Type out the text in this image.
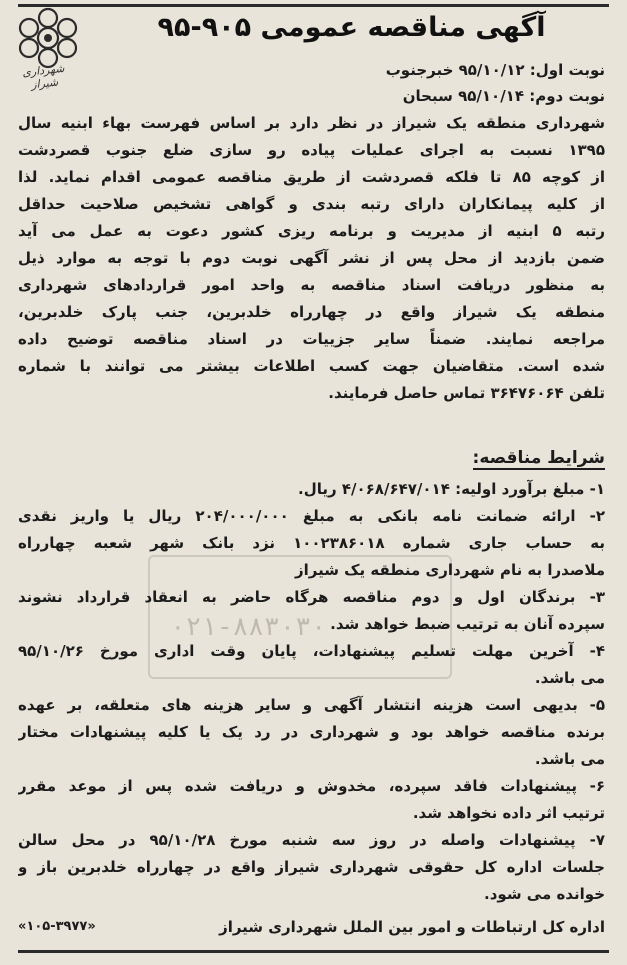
شهرداری شیراز
آگهی مناقصه عمومی ۹۰۵-۹۵
نوبت اول: ۹۵/۱۰/۱۲ خبرجنوب
نوبت دوم: ۹۵/۱۰/۱۴ سبحان
شهرداری منطقه یک شیراز در نظر دارد بر اساس فهرست بهاء ابنیه سال
۱۳۹۵ نسبت به اجرای عملیات پیاده رو سازی ضلع جنوب قصردشت
از کوچه ۸۵ تا فلکه قصردشت از طریق مناقصه عمومی اقدام نماید. لذا
از کلیه پیمانکاران دارای رتبه بندی و گواهی تشخیص صلاحیت حداقل
رتبه ۵ ابنیه از مدیریت و برنامه ریزی کشور دعوت به عمل می آید
ضمن بازدید از محل پس از نشر آگهی نوبت دوم با توجه به موارد ذیل
به منظور دریافت اسناد مناقصه به واحد امور قراردادهای شهرداری
منطقه یک شیراز واقع در چهارراه خلدبرین، جنب پارک خلدبرین،
مراجعه نمایند. ضمناً سایر جزییات در اسناد مناقصه توضیح داده
شده است. متقاضیان جهت کسب اطلاعات بیشتر می توانند با شماره
تلفن ۳۶۴۷۶۰۶۴ تماس حاصل فرمایند.
شرایط مناقصه:
۰۲۱-۸۸۳۰۳۰
۱- مبلغ برآورد اولیه: ۴/۰۶۸/۶۴۷/۰۱۴ ریال.
۲- ارائه ضمانت نامه بانکی به مبلغ ۲۰۴/۰۰۰/۰۰۰ ریال یا واریز نقدی
به حساب جاری شماره ۱۰۰۲۳۸۶۰۱۸ نزد بانک شهر شعبه چهارراه
ملاصدرا به نام شهرداری منطقه یک شیراز
۳- برندگان اول و دوم مناقصه هرگاه حاضر به انعقاد قرارداد نشوند
سپرده آنان به ترتیب ضبط خواهد شد.
۴- آخرین مهلت تسلیم پیشنهادات، پایان وقت اداری مورخ ۹۵/۱۰/۲۶
می باشد.
۵- بدیهی است هزینه انتشار آگهی و سایر هزینه های متعلقه، بر عهده
برنده مناقصه خواهد بود و شهرداری در رد یک یا کلیه پیشنهادات مختار
می باشد.
۶- پیشنهادات فاقد سپرده، مخدوش و دریافت شده پس از موعد مقرر
ترتیب اثر داده نخواهد شد.
۷- پیشنهادات واصله در روز سه شنبه مورخ ۹۵/۱۰/۲۸ در محل سالن
جلسات اداره کل حقوقی شهرداری شیراز واقع در چهارراه خلدبرین باز و
خوانده می شود.
اداره کل ارتباطات و امور بین الملل شهرداری شیراز
«۱۰۵-۳۹۷۷»
